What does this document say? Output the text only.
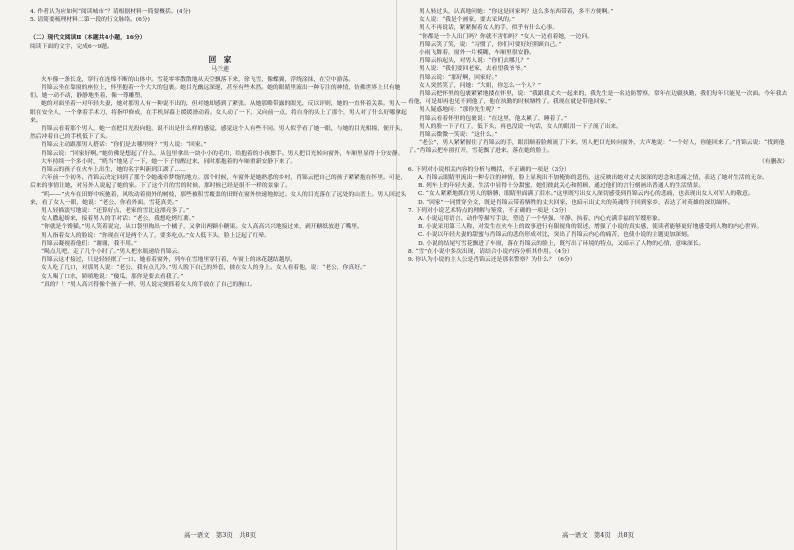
4. 作者认为应如何“阅读城市”？请根据材料一简要概括。(4分)

5. 请简要梳理材料二第一段的行文脉络。(6分)

（二）现代文阅读Ⅱ（本题共4小题，16分）

阅读下面的文字，完成6～9题。

回　家
马兰莲

火车像一条长龙，穿行在连绵不断的山体中。雪花零零散散地从天空飘落下来，徐飞雪，像蝶翼，浮绕涂抹，在空中游荡。

肖锦云坐在靠窗的座位上，怀里抱着一个大大的包裹。她目光幽远深邃，甚至有些木然。她的眼睛里流出一种专注的神情，仿佛世界上只有她们。她一动不动，静静地坐着，像一尊雕塑。

她的对面坐着一对年轻夫妻，她对那男人有一种说不出的，但对她却感到了紧张。从她那略带露的眼光，反以评则，她的一直怀着关系。男人一眼在安全人，一个拿着手术刀，将指甲修成，在手机屏幕上缓缓滑动着。女人动了一下，又向前一点，将自身的头上了那个，男人对了什么好哪拿起来。

肖锦云看着那个男人，她一直把目光投向他，说不出是什么样的感觉，感觉这个人有些不同。男人似乎看了她一眼，与她的目光相撞，便开头，然后冲着自己的手机低下了头。

肖锦云主动跟那男人搭话：“你们是去哪里呀？”男人说：“回家。”

肖锦云说：“回家好啊。”她仿佛是想起了什么，从包里拿出一块小小的毛巾，给抱着的小孩擦手。男人把目光转向窗外，车厢里显得十分安静。

大车持续一个多小时，“咣当”地晃了一下，她一下子惊醒过来，同时那抱着的车厢重新安静下来了。

肖锦云的孩子在火车上出生，她的名字叫新到江湖了……

六年前一个初冬，肖锦云决定回到了那个令她魂牵梦绕的地方。那个时候，车窗外是她熟悉的乡村，肖锦云把自己的孩子紧紧抱在怀里。可是，后来的事情让她，对另外人说起了她的家。下了这个月的雪的时候，那时候已经是很不一样的景象了。

“呜——”火车在田野中疾驰着，风吹动着窗外的树枝，那些被积雪覆盖的田野在窗外快速地掠过。女人的目光落在了远处的山峦上。男人回过头来，看了女人一眼，她说：“老公，你看外面，雪花真美。”

男人轻描淡写地说：“还算好点，老家的雪比这漂亮多了。”

女人撒起娇来，接着男人的手对话：“老公，我想吃烤红薯。”

“你就是个馋猫。”男人笑着说完，从口袋里掏出一个橘子，又拿出两颗小糖果。女人高高兴兴地接过来，剥开糖纸放进了嘴里。

男人指着女人的脸说：“你现在可是两个人了，要多吃点。”女人低下头，脸上泛起了红晕。

肖锦云凝视着他们：“谢谢，我不用。”

“喝点儿吧，走了几个小时了。”男人把水瓶递给肖锦云。

肖锦云这才接过，只是轻轻抿了一口。她看着窗外，列车在雪地里穿行着，车窗上的冰花越结越厚。

女人吃了几口，对那男人说：“老公，我有点儿冷。”男人脱下自己的外套，披在女人的身上。女人看着他，说：“老公，你真好。”

女人喝了口水，娇嗔地说：“傻瓜，那你是要去看我了。”

“真的？！”男人高兴得像个孩子一样，男人说完便抓着女人的手放在了自己的胸口。

高一语文　第3页　共8页

男人转过头，认真地问她：“你这是回家吗？这么多东西带着，多不方便啊。”

女人说：“我是个画家，要去采风的。”

男人不再说话，紧紧握着女人的手，似乎有什么心事。

“你都是一个人出门吗？你就不害怕吗？”女人一边看着她，一边问。

肖锦云笑了笑，说：“习惯了，你们可要好好照顾自己。”

小雨飞舞着，窗外一片模糊，车厢里很安静。

肖锦云抬起头，对男人说：“你们去哪儿？”

男人说：“我们要回老家，去看望我爷爷。”

肖锦云说：“那好啊，回家好。”

女人突然笑了，问她：“大姐，你怎么一个人？”

肖锦云把怀里的包裹紧紧地搂在怀里，说：“我跟我丈夫一起来的，我先生是一名边防警察，常年在边疆执勤，我们每年只能见一次面。今年我去看他，可是却再也见不到他了，他在执勤的时候牺牲了。我现在就是带他回家。”

男人疑惑地问：“那你先生呢？”

肖锦云看着怀里的包裹说：“在这里，他太累了，睡着了。”

男人的脸一下子红了，低下头，再也没说一句话，女人的眼泪一下子流了出来。

肖锦云微微一笑说：“这什么。”

“老公”，男人紧紧握住了肖锦云的手，眼泪顺着脸颊流了下来。男人把目光转向窗外，大声地说：“一个好人，你能回来了。”肖锦云说：“找到他了。”肖锦云把车窗打开，雪花飘了进来，落在她的脸上。

（有删改）

6. 下列对小说相关内容的分析与概括，不正确的一项是（3分）

A. 肖锦云眼睛里流出一种专注的神情，脸上显现出不加掩饰的悲伤，这反映出她对丈夫深深的思念和悲痛之情，表达了她对生活的无奈。

B. 列车上的年轻夫妻，生活中显得十分甜蜜，她们彼此关心和照顾，通过他们的言行刻画出普通人的生活情景。

C. “女人紧紧地抓住男人的胳膊，眼睛里面满了泪水。”这里既写出女人深切感受到肖锦云内心的悲痛，也表现出女人对军人的敬意。

D. “回家”一词贯穿全文，既是肖锦云带着牺牲的丈夫回家，也暗示出丈夫的英魂终于回到家乡，表达了对英雄的深切缅怀。

7. 下列对小说艺术特点的理解与鉴赏，不正确的一项是（3分）

A. 小说运用语言、动作等描写手法，塑造了一个坚强、平静、执着、内心充满幸福的军嫂形象。

B. 小说采用第三人称，对发生在火车上的故事进行有限视角的叙述，增强了小说的真实感，使读者能够更好地感受到人物的内心世界。

C. 小说以年轻夫妻的甜蜜与肖锦云的悲伤形成对比，突出了肖锦云内心的痛苦，也使小说的主题更加深刻。

D. 小说的结尾写雪花飘进了车窗，落在肖锦云的脸上，既写出了环境的特点，又暗示了人物的心情，意味深长。

8. “雪”在小说中多次出现，请结合小说内容分析其作用。（4分）

9. 你认为小说的主人公是肖锦云还是那名警察？为什么？（6分）

高一语文　第4页　共8页
